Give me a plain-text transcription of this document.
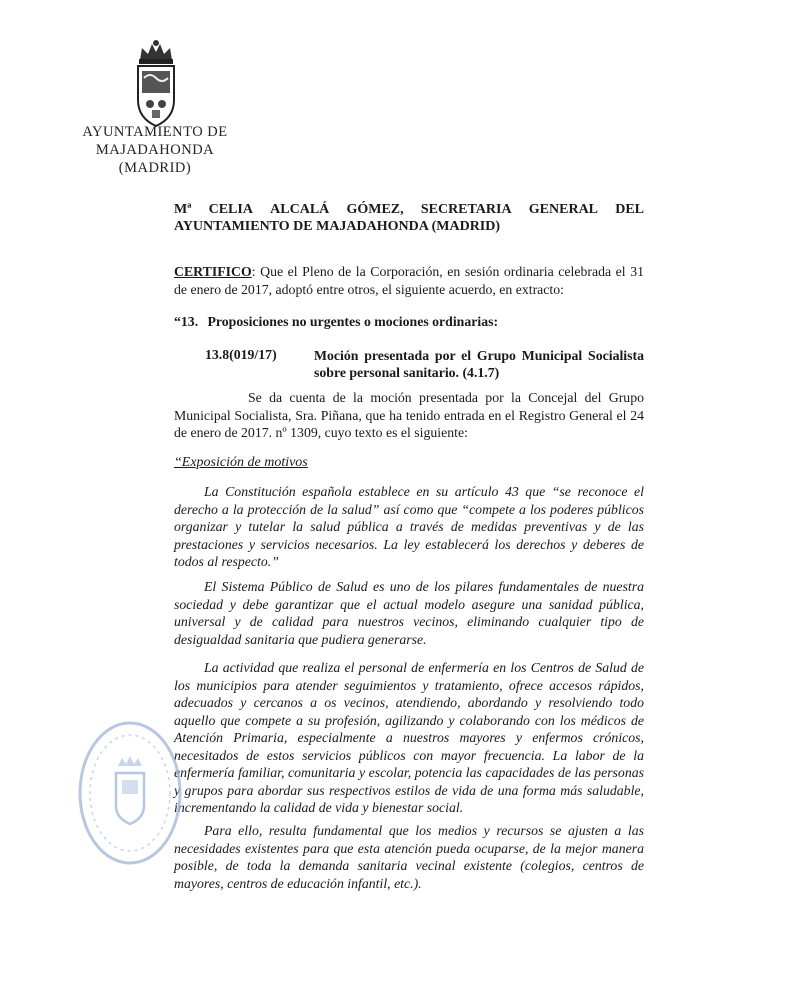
AYUNTAMIENTO DE
MAJADAHONDA
(MADRID)
Mª CELIA ALCALÁ GÓMEZ, SECRETARIA GENERAL DEL
AYUNTAMIENTO DE MAJADAHONDA (MADRID)
CERTIFICO: Que el Pleno de la Corporación, en sesión ordinaria celebrada el 31 de enero de 2017, adoptó entre otros, el siguiente acuerdo, en extracto:
“13. Proposiciones no urgentes o mociones ordinarias:
13.8(019/17)	Moción presentada por el Grupo Municipal Socialista sobre personal sanitario. (4.1.7)
Se da cuenta de la moción presentada por la Concejal del Grupo Municipal Socialista, Sra. Piñana, que ha tenido entrada en el Registro General el 24 de enero de 2017. nº 1309, cuyo texto es el siguiente:
“Exposición de motivos
La Constitución española establece en su artículo 43 que “se reconoce el derecho a la protección de la salud” así como que “compete a los poderes públicos organizar y tutelar la salud pública a través de medidas preventivas y de las prestaciones y servicios necesarios. La ley establecerá los derechos y deberes de todos al respecto.”
El Sistema Público de Salud es uno de los pilares fundamentales de nuestra sociedad y debe garantizar que el actual modelo asegure una sanidad pública, universal y de calidad para nuestros vecinos, eliminando cualquier tipo de desigualdad sanitaria que pudiera generarse.
La actividad que realiza el personal de enfermería en los Centros de Salud de los municipios para atender seguimientos y tratamiento, ofrece accesos rápidos, adecuados y cercanos a os vecinos, atendiendo, abordando y resolviendo todo aquello que compete a su profesión, agilizando y colaborando con los médicos de Atención Primaria, especialmente a nuestros mayores y enfermos crónicos, necesitados de estos servicios públicos con mayor frecuencia. La labor de la enfermería familiar, comunitaria y escolar, potencia las capacidades de las personas y grupos para abordar sus respectivos estilos de vida de una forma más saludable, incrementando la calidad de vida y bienestar social.
Para ello, resulta fundamental que los medios y recursos se ajusten a las necesidades existentes para que esta atención pueda ocuparse, de la mejor manera posible, de toda la demanda sanitaria vecinal existente (colegios, centros de mayores, centros de educación infantil, etc.).
